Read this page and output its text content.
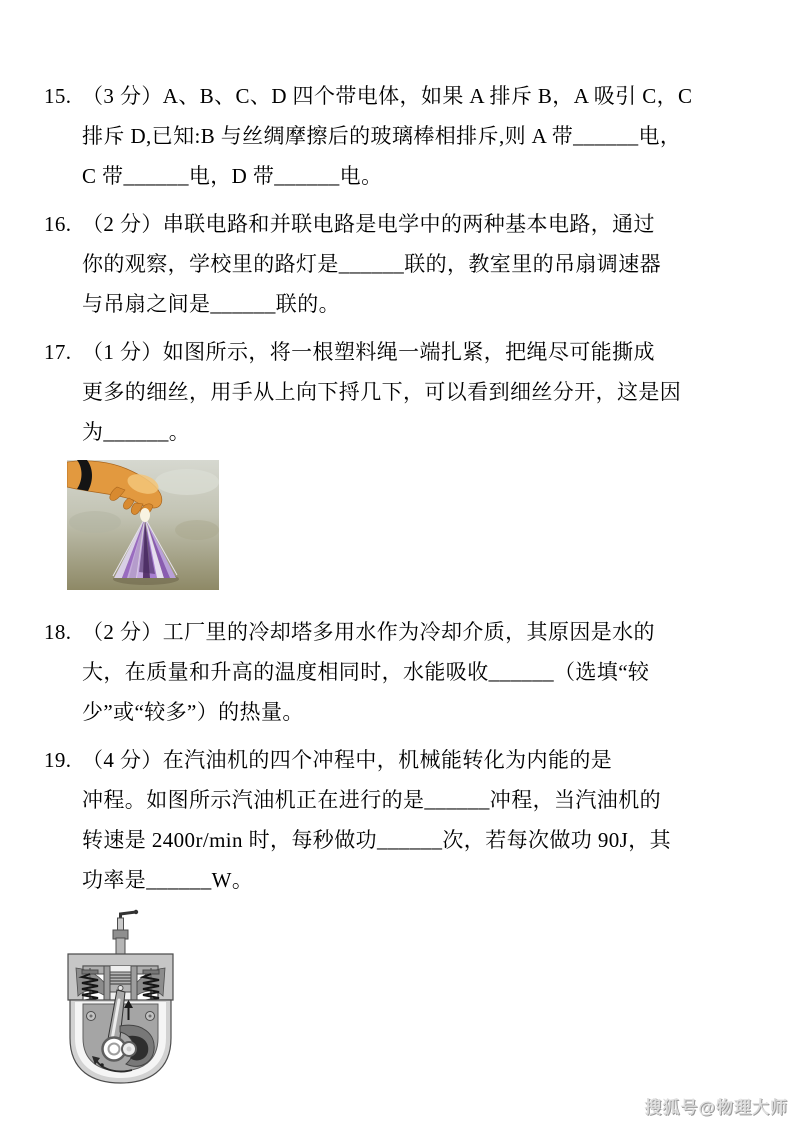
15. （3 分）A、B、C、D 四个带电体，如果 A 排斥 B，A 吸引 C，C
排斥 D,已知:B 与丝绸摩擦后的玻璃棒相排斥,则 A 带______电，
C 带______电，D 带______电。
16. （2 分）串联电路和并联电路是电学中的两种基本电路，通过
你的观察，学校里的路灯是______联的，教室里的吊扇调速器
与吊扇之间是______联的。
17. （1 分）如图所示，将一根塑料绳一端扎紧，把绳尽可能撕成
更多的细丝，用手从上向下捋几下，可以看到细丝分开，这是因
为______。
18. （2 分）工厂里的冷却塔多用水作为冷却介质，其原因是水的
大，在质量和升高的温度相同时，水能吸收______（选填“较
少”或“较多”）的热量。
19. （4 分）在汽油机的四个冲程中，机械能转化为内能的是
冲程。如图所示汽油机正在进行的是______冲程，当汽油机的
转速是 2400r/min 时，每秒做功______次，若每次做功 90J，其
功率是______W。
搜狐号@物理大师
